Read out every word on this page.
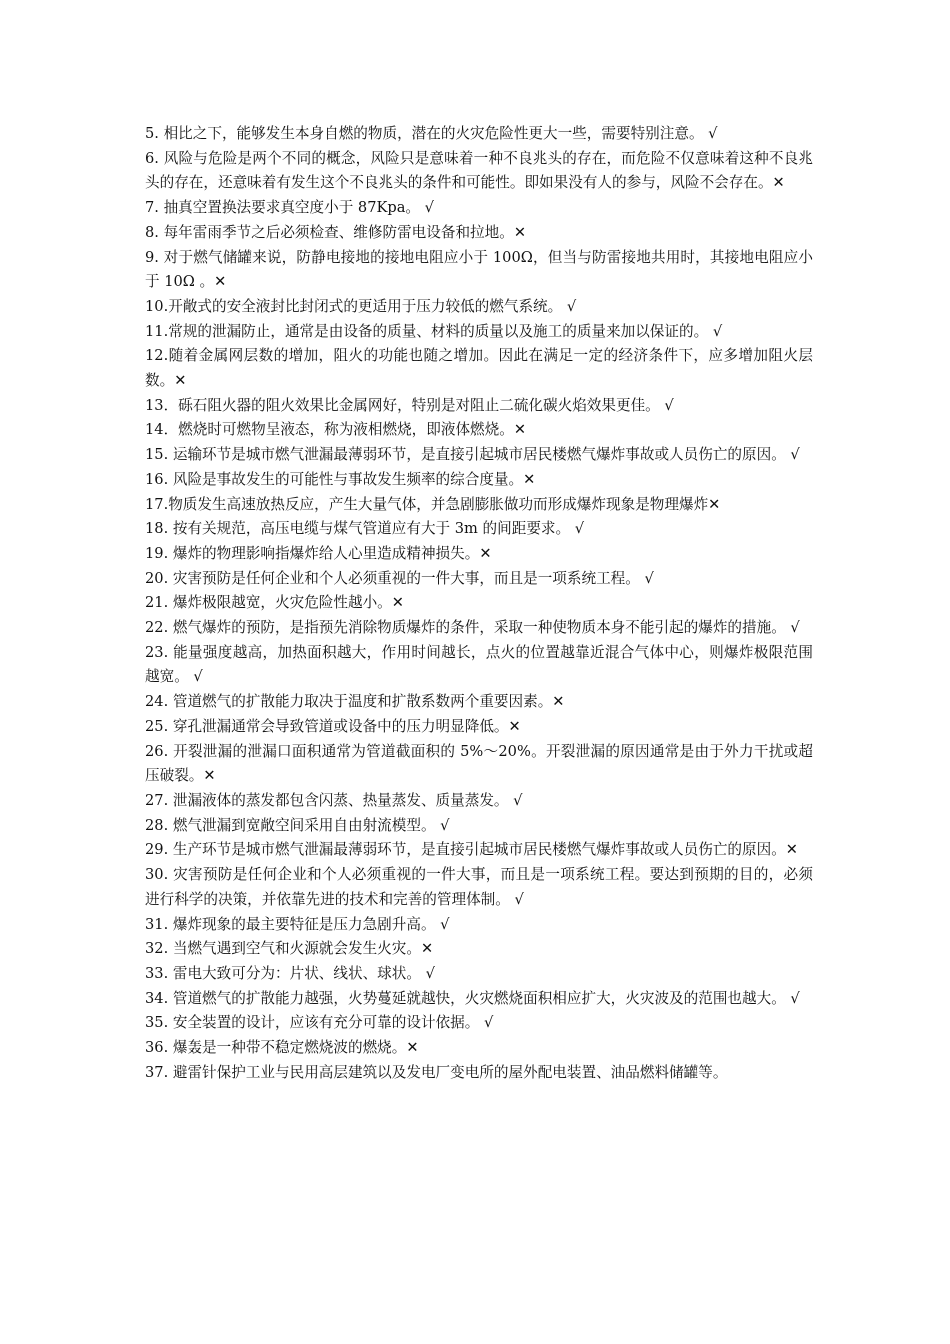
5. 相比之下，能够发生本身自燃的物质，潜在的火灾危险性更大一些，需要特别注意。 √

6. 风险与危险是两个不同的概念，风险只是意味着一种不良兆头的存在，而危险不仅意味着这种不良兆头的存在，还意味着有发生这个不良兆头的条件和可能性。即如果没有人的参与，风险不会存在。✕

7. 抽真空置换法要求真空度小于 87Kpa。 √

8. 每年雷雨季节之后必须检查、维修防雷电设备和拉地。✕

9. 对于燃气储罐来说，防静电接地的接地电阻应小于 100Ω，但当与防雷接地共用时，其接地电阻应小于 10Ω 。✕

10.开敞式的安全液封比封闭式的更适用于压力较低的燃气系统。 √

11.常规的泄漏防止，通常是由设备的质量、材料的质量以及施工的质量来加以保证的。 √

12.随着金属网层数的增加，阻火的功能也随之增加。因此在满足一定的经济条件下，应多增加阻火层数。✕

13．砾石阻火器的阻火效果比金属网好，特别是对阻止二硫化碳火焰效果更佳。 √

14．燃烧时可燃物呈液态，称为液相燃烧，即液体燃烧。✕

15. 运输环节是城市燃气泄漏最薄弱环节，是直接引起城市居民楼燃气爆炸事故或人员伤亡的原因。 √

16. 风险是事故发生的可能性与事故发生频率的综合度量。✕

17.物质发生高速放热反应，产生大量气体，并急剧膨胀做功而形成爆炸现象是物理爆炸✕

18. 按有关规范，高压电缆与煤气管道应有大于 3m 的间距要求。 √

19. 爆炸的物理影响指爆炸给人心里造成精神损失。✕

20. 灾害预防是任何企业和个人必须重视的一件大事，而且是一项系统工程。 √

21. 爆炸极限越宽，火灾危险性越小。✕

22. 燃气爆炸的预防，是指预先消除物质爆炸的条件，采取一种使物质本身不能引起的爆炸的措施。 √

23. 能量强度越高，加热面积越大，作用时间越长，点火的位置越靠近混合气体中心，则爆炸极限范围越宽。 √

24. 管道燃气的扩散能力取决于温度和扩散系数两个重要因素。✕

25. 穿孔泄漏通常会导致管道或设备中的压力明显降低。✕

26. 开裂泄漏的泄漏口面积通常为管道截面积的 5%～20%。开裂泄漏的原因通常是由于外力干扰或超压破裂。✕

27. 泄漏液体的蒸发都包含闪蒸、热量蒸发、质量蒸发。 √

28. 燃气泄漏到宽敞空间采用自由射流模型。 √

29. 生产环节是城市燃气泄漏最薄弱环节，是直接引起城市居民楼燃气爆炸事故或人员伤亡的原因。✕

30. 灾害预防是任何企业和个人必须重视的一件大事，而且是一项系统工程。要达到预期的目的，必须进行科学的决策，并依靠先进的技术和完善的管理体制。 √

31. 爆炸现象的最主要特征是压力急剧升高。 √

32. 当燃气遇到空气和火源就会发生火灾。✕

33. 雷电大致可分为：片状、线状、球状。 √

34. 管道燃气的扩散能力越强，火势蔓延就越快，火灾燃烧面积相应扩大，火灾波及的范围也越大。 √

35. 安全装置的设计，应该有充分可靠的设计依据。 √

36. 爆轰是一种带不稳定燃烧波的燃烧。✕

37. 避雷针保护工业与民用高层建筑以及发电厂变电所的屋外配电装置、油品燃料储罐等。
